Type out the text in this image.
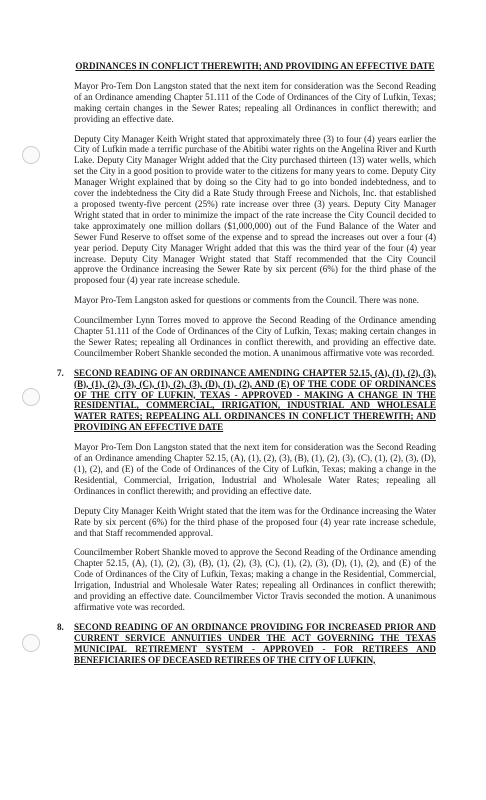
ORDINANCES IN CONFLICT THEREWITH; AND PROVIDING AN EFFECTIVE DATE

Mayor Pro-Tem Don Langston stated that the next item for consideration was the Second Reading of an Ordinance amending Chapter 51.111 of the Code of Ordinances of the City of Lufkin, Texas; making certain changes in the Sewer Rates; repealing all Ordinances in conflict therewith; and providing an effective date.

Deputy City Manager Keith Wright stated that approximately three (3) to four (4) years earlier the City of Lufkin made a terrific purchase of the Abitibi water rights on the Angelina River and Kurth Lake. Deputy City Manager Wright added that the City purchased thirteen (13) water wells, which set the City in a good position to provide water to the citizens for many years to come. Deputy City Manager Wright explained that by doing so the City had to go into bonded indebtedness, and to cover the indebtedness the City did a Rate Study through Freese and Nichols, Inc. that established a proposed twenty-five percent (25%) rate increase over three (3) years. Deputy City Manager Wright stated that in order to minimize the impact of the rate increase the City Council decided to take approximately one million dollars ($1,000,000) out of the Fund Balance of the Water and Sewer Fund Reserve to offset some of the expense and to spread the increases out over a four (4) year period. Deputy City Manager Wright added that this was the third year of the four (4) year increase. Deputy City Manager Wright stated that Staff recommended that the City Council approve the Ordinance increasing the Sewer Rate by six percent (6%) for the third phase of the proposed four (4) year rate increase schedule.

Mayor Pro-Tem Langston asked for questions or comments from the Council. There was none.

Councilmember Lynn Torres moved to approve the Second Reading of the Ordinance amending Chapter 51.111 of the Code of Ordinances of the City of Lufkin, Texas; making certain changes in the Sewer Rates; repealing all Ordinances in conflict therewith, and providing an effective date. Councilmember Robert Shankle seconded the motion. A unanimous affirmative vote was recorded.

7. SECOND READING OF AN ORDINANCE AMENDING CHAPTER 52.15, (A), (1), (2), (3), (B), (1), (2), (3), (C), (1), (2), (3), (D), (1), (2), AND (E) OF THE CODE OF ORDINANCES OF THE CITY OF LUFKIN, TEXAS - APPROVED - MAKING A CHANGE IN THE RESIDENTIAL, COMMERCIAL, IRRIGATION, INDUSTRIAL AND WHOLESALE WATER RATES; REPEALING ALL ORDINANCES IN CONFLICT THEREWITH; AND PROVIDING AN EFFECTIVE DATE

Mayor Pro-Tem Don Langston stated that the next item for consideration was the Second Reading of an Ordinance amending Chapter 52.15, (A), (1), (2), (3), (B), (1), (2), (3), (C), (1), (2), (3), (D), (1), (2), and (E) of the Code of Ordinances of the City of Lufkin, Texas; making a change in the Residential, Commercial, Irrigation, Industrial and Wholesale Water Rates; repealing all Ordinances in conflict therewith; and providing an effective date.

Deputy City Manager Keith Wright stated that the item was for the Ordinance increasing the Water Rate by six percent (6%) for the third phase of the proposed four (4) year rate increase schedule, and that Staff recommended approval.

Councilmember Robert Shankle moved to approve the Second Reading of the Ordinance amending Chapter 52.15, (A), (1), (2), (3), (B), (1), (2), (3), (C), (1), (2), (3), (D), (1), (2), and (E) of the Code of Ordinances of the City of Lufkin, Texas; making a change in the Residential, Commercial, Irrigation, Industrial and Wholesale Water Rates; repealing all Ordinances in conflict therewith; and providing an effective date. Councilmember Victor Travis seconded the motion. A unanimous affirmative vote was recorded.

8. SECOND READING OF AN ORDINANCE PROVIDING FOR INCREASED PRIOR AND CURRENT SERVICE ANNUITIES UNDER THE ACT GOVERNING THE TEXAS MUNICIPAL RETIREMENT SYSTEM - APPROVED - FOR RETIREES AND BENEFICIARIES OF DECEASED RETIREES OF THE CITY OF LUFKIN,
